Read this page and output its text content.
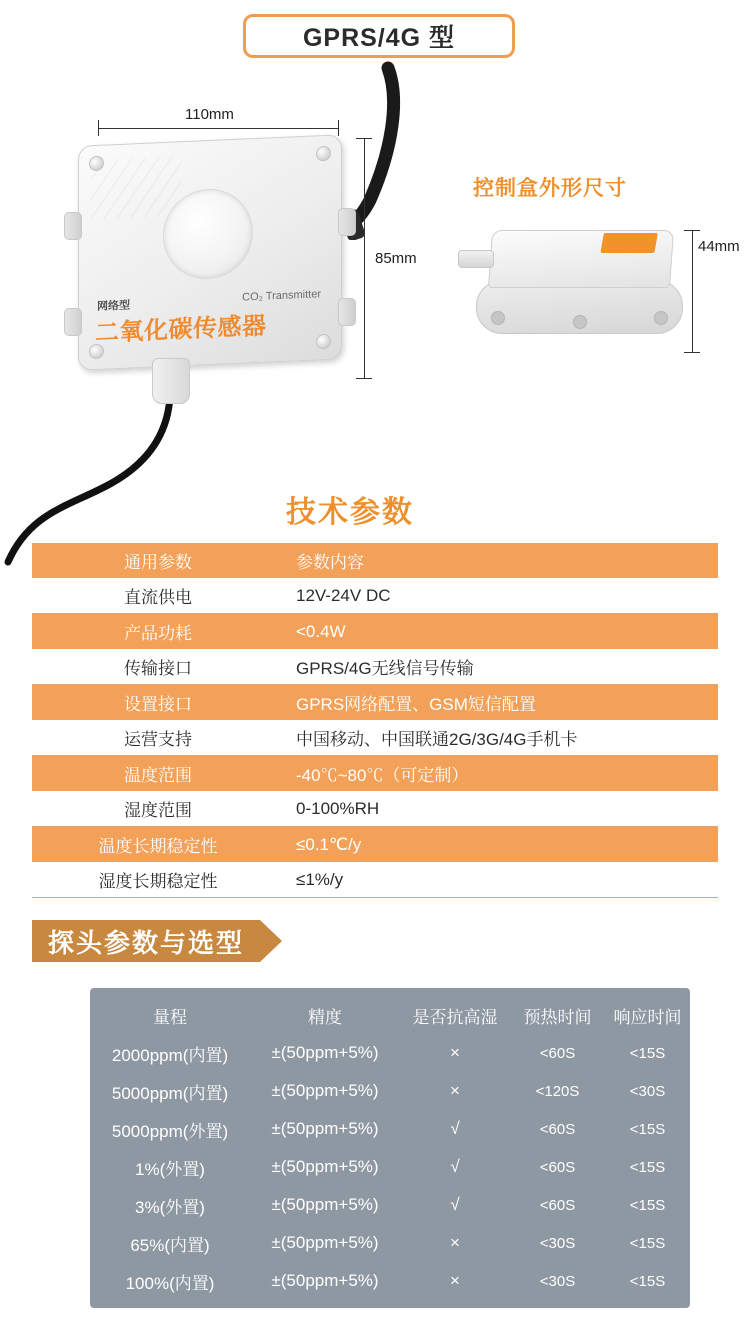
GPRS/4G 型
网络型
CO₂ Transmitter
二氧化碳传感器
110mm
85mm
控制盒外形尺寸
44mm
技术参数
通用参数	参数内容
直流供电	12V-24V DC
产品功耗	<0.4W
传输接口	GPRS/4G无线信号传输
设置接口	GPRS网络配置、GSM短信配置
运营支持	中国移动、中国联通2G/3G/4G手机卡
温度范围	-40℃~80℃（可定制）
湿度范围	0-100%RH
温度长期稳定性	≤0.1℃/y
湿度长期稳定性	≤1%/y
探头参数与选型
量程	精度	是否抗高湿	预热时间	响应时间
2000ppm(内置)	±(50ppm+5%)	×	<60S	<15S
5000ppm(内置)	±(50ppm+5%)	×	<120S	<30S
5000ppm(外置)	±(50ppm+5%)	√	<60S	<15S
1%(外置)	±(50ppm+5%)	√	<60S	<15S
3%(外置)	±(50ppm+5%)	√	<60S	<15S
65%(内置)	±(50ppm+5%)	×	<30S	<15S
100%(内置)	±(50ppm+5%)	×	<30S	<15S
